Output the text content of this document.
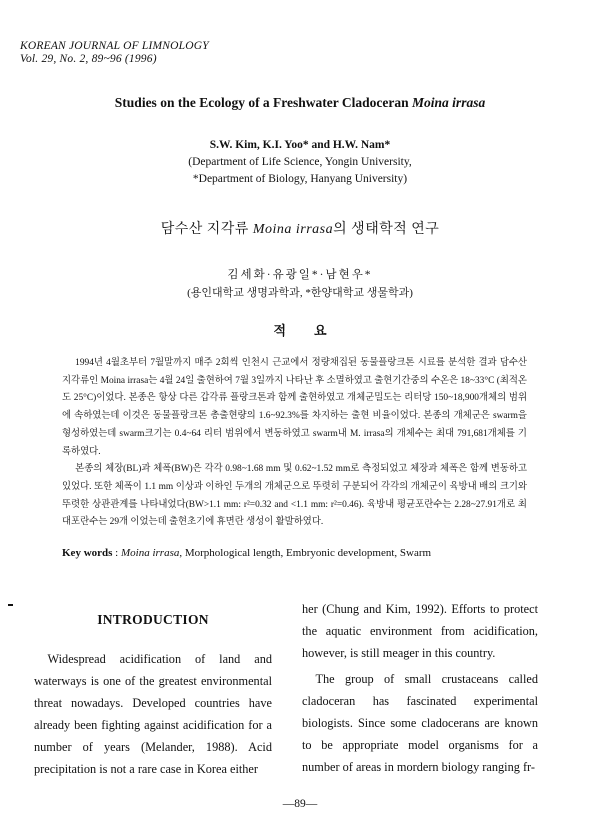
KOREAN JOURNAL OF LIMNOLOGY
Vol. 29, No. 2, 89~96 (1996)
Studies on the Ecology of a Freshwater Cladoceran Moina irrasa
S.W. Kim, K.I. Yoo* and H.W. Nam*
(Department of Life Science, Yongin University,
*Department of Biology, Hanyang University)
담수산 지각류 Moina irrasa의 생태학적 연구
김세화·유광일*·남현우*
(용인대학교 생명과학과, *한양대학교 생물학과)
적요

1994년 4월초부터 7월말까지 매주 2회씩 인천시 근교에서 정량채집된 동물플랑크톤 시료를 분석한 결과 담수산 지각류인 Moina irrasa는 4월 24일 출현하여 7월 3일까지 나타난 후 소멸하였고 출현기간중의 수온은 18~33°C (최적온도 25°C)이었다. 본종은 항상 다른 갑각류 플랑크톤과 함께 출현하였고 개체군밀도는 리터당 150~18,900개체의 범위에 속하였는데 이것은 동물플랑크톤 총출현량의 1.6~92.3%를 차지하는 출현 비율이었다. 본종의 개체군은 swarm을 형성하였는데 swarm크기는 0.4~64 리터 범위에서 변동하였고 swarm내 M. irrasa의 개체수는 최대 791,681개체를 기록하였다.

본종의 체장(BL)과 체폭(BW)은 각각 0.98~1.68 mm 및 0.62~1.52 mm로 측정되었고 체장과 체폭은 함께 변동하고 있었다. 또한 체폭이 1.1 mm 이상과 이하인 두개의 개체군으로 뚜렷히 구분되어 각각의 개체군이 육방내 배의 크기와 뚜렷한 상관관계를 나타내었다(BW>1.1 mm: r²=0.32 and <1.1 mm: r²=0.46). 육방내 평균포란수는 2.28~27.91개로 최대포란수는 29개 이었는데 출현초기에 휴면란 생성이 활발하였다.

Key words : Moina irrasa, Morphological length, Embryonic development, Swarm
INTRODUCTION

Widespread acidification of land and waterways is one of the greatest environmental threat nowadays. Developed countries have already been fighting against acidification for a number of years (Melander, 1988). Acid precipitation is not a rare case in Korea either

her (Chung and Kim, 1992). Efforts to protect the aquatic environment from acidification, however, is still meager in this country.

The group of small crustaceans called cladoceran has fascinated experimental biologists. Since some cladocerans are known to be appropriate model organisms for a number of areas in mordern biology ranging fr-

—89—
